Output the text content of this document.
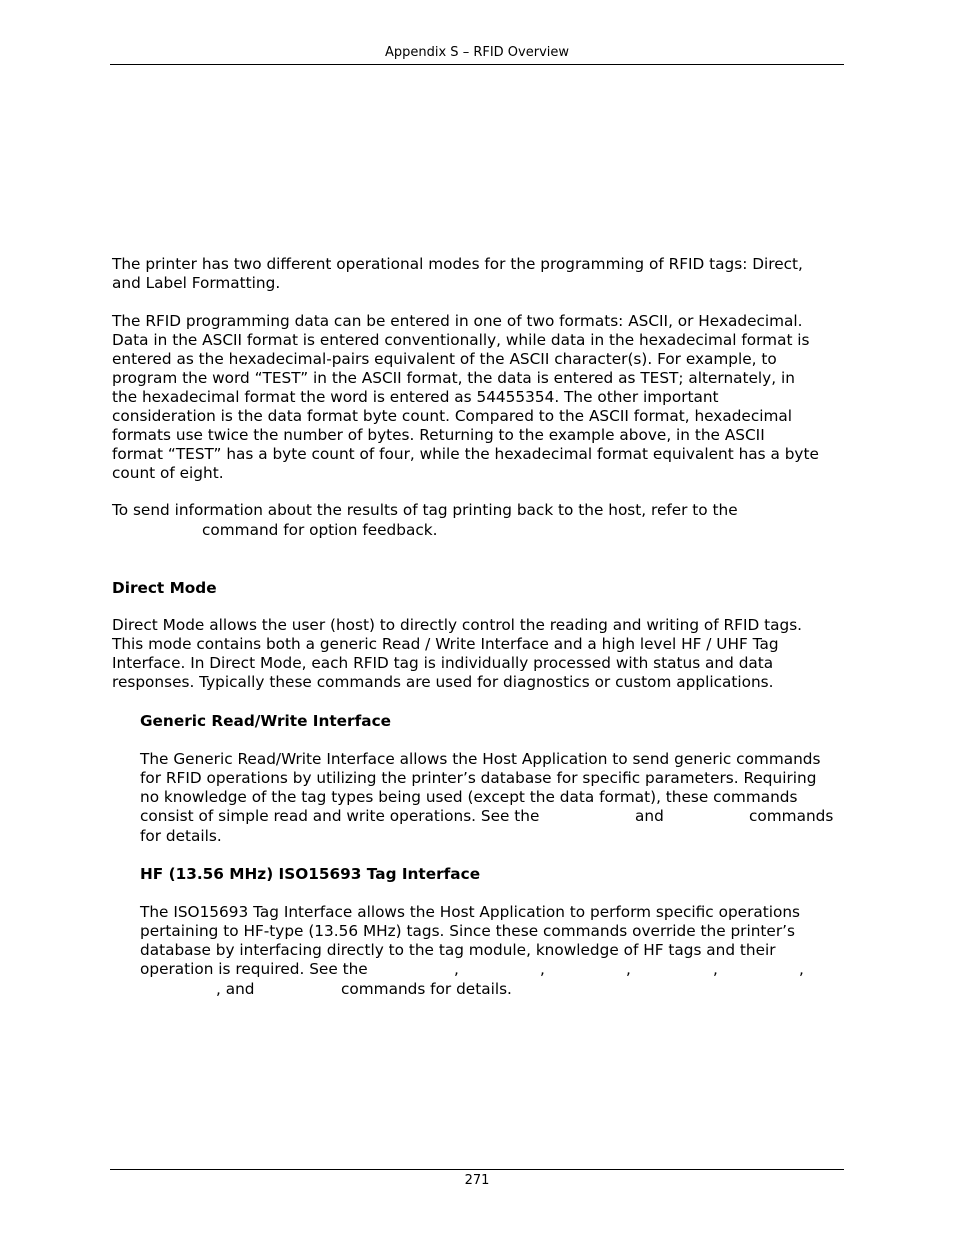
Appendix S – RFID Overview

The printer has two different operational modes for the programming of RFID tags: Direct,

and Label Formatting.

The RFID programming data can be entered in one of two formats: ASCII, or Hexadecimal.

Data in the ASCII format is entered conventionally, while data in the hexadecimal format is

entered as the hexadecimal-pairs equivalent of the ASCII character(s). For example, to

program the word “TEST” in the ASCII format, the data is entered as TEST; alternately, in

the hexadecimal format the word is entered as 54455354. The other important

consideration is the data format byte count. Compared to the ASCII format, hexadecimal

formats use twice the number of bytes. Returning to the example above, in the ASCII

format “TEST” has a byte count of four, while the hexadecimal format equivalent has a byte

count of eight.

To send information about the results of tag printing back to the host, refer to the

command for option feedback.

Direct Mode

Direct Mode allows the user (host) to directly control the reading and writing of RFID tags.

This mode contains both a generic Read / Write Interface and a high level HF / UHF Tag

Interface. In Direct Mode, each RFID tag is individually processed with status and data

responses. Typically these commands are used for diagnostics or custom applications.

Generic Read/Write Interface

The Generic Read/Write Interface allows the Host Application to send generic commands

for RFID operations by utilizing the printer’s database for specific parameters. Requiring

no knowledge of the tag types being used (except the data format), these commands

consist of simple read and write operations. See the	and	commands

for details.

HF (13.56 MHz) ISO15693 Tag Interface

The ISO15693 Tag Interface allows the Host Application to perform specific operations

pertaining to HF-type (13.56 MHz) tags. Since these commands override the printer’s

database by interfacing directly to the tag module, knowledge of HF tags and their

operation is required. See the	,	,	,	,	,

, and	commands for details.

271
